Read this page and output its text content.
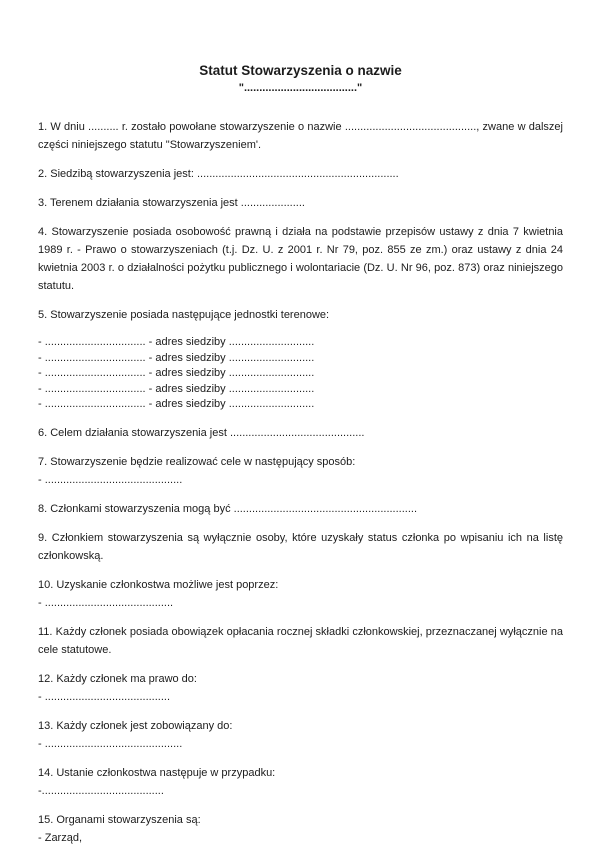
Statut Stowarzyszenia o nazwie
"....................................."

1. W dniu .......... r. zostało powołane stowarzyszenie o nazwie ..........................................., zwane w dalszej części niniejszego statutu "Stowarzyszeniem'.

2. Siedzibą stowarzyszenia jest: ..................................................................

3. Terenem działania stowarzyszenia jest .....................

4. Stowarzyszenie posiada osobowość prawną i działa na podstawie przepisów ustawy z dnia 7 kwietnia 1989 r. - Prawo o stowarzyszeniach (t.j. Dz. U. z 2001 r. Nr 79, poz. 855 ze zm.) oraz ustawy z dnia 24 kwietnia 2003 r. o działalności pożytku publicznego i wolontariacie (Dz. U. Nr 96, poz. 873) oraz niniejszego statutu.

5. Stowarzyszenie posiada następujące jednostki terenowe:

- ................................. - adres siedziby ............................
- ................................. - adres siedziby ............................
- ................................. - adres siedziby ............................
- ................................. - adres siedziby ............................
- ................................. - adres siedziby ............................

6. Celem działania stowarzyszenia jest ............................................

7. Stowarzyszenie będzie realizować cele w następujący sposób:
- .............................................

8. Członkami stowarzyszenia mogą być ............................................................

9. Członkiem stowarzyszenia są wyłącznie osoby, które uzyskały status członka po wpisaniu ich na listę członkowską.

10. Uzyskanie członkostwa możliwe jest poprzez:
- ..........................................

11. Każdy członek posiada obowiązek opłacania rocznej składki członkowskiej, przeznaczanej wyłącznie na cele statutowe.

12. Każdy członek ma prawo do:
- .........................................
13. Każdy członek jest zobowiązany do:
- .............................................
14. Ustanie członkostwa następuje w przypadku:
-........................................
15. Organami stowarzyszenia są:
- Zarząd,
